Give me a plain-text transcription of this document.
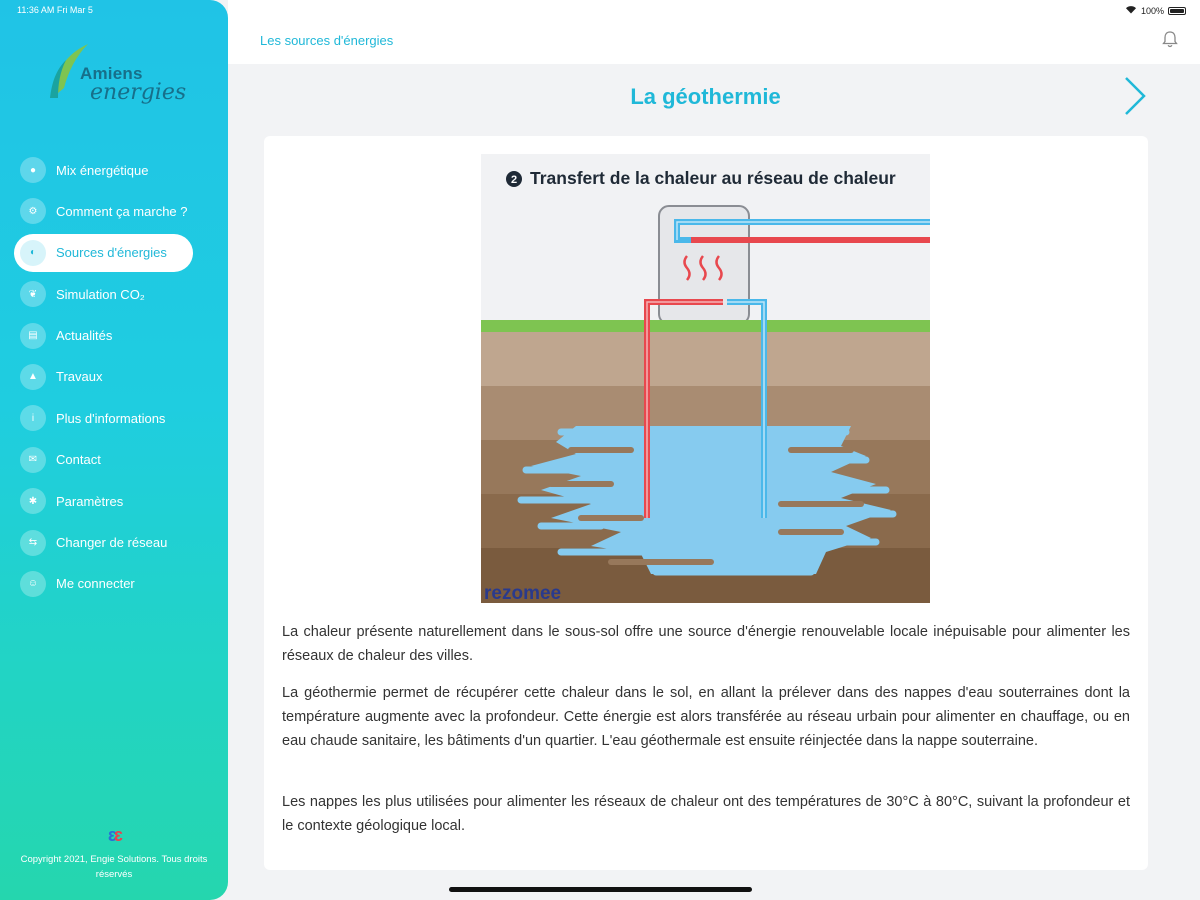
11:36 AM Fri Mar 5	100%
Amiens
energies
●	Mix énergétique
⚙	Comment ça marche ?
◐	Sources d'énergies
❦	Simulation CO₂
▤	Actualités
▲	Travaux
i	Plus d'informations
✉	Contact
✱	Paramètres
⇆	Changer de réseau
☺	Me connecter
ɛɛ
Copyright 2021, Engie Solutions. Tous droits réservés
Les sources d'énergies
La géothermie
2 Transfert de la chaleur au réseau de chaleur
rezomee

La chaleur présente naturellement dans le sous-sol offre une source d'énergie renouvelable locale inépuisable pour alimenter les réseaux de chaleur des villes.

La géothermie permet de récupérer cette chaleur dans le sol, en allant la prélever dans des nappes d'eau souterraines dont la température augmente avec la profondeur. Cette énergie est alors transférée au réseau urbain pour alimenter en chauffage, ou en eau chaude sanitaire, les bâtiments d'un quartier. L'eau géothermale est ensuite réinjectée dans la nappe souterraine.

Les nappes les plus utilisées pour alimenter les réseaux de chaleur ont des températures de 30°C à 80°C, suivant la profondeur et le contexte géologique local.
